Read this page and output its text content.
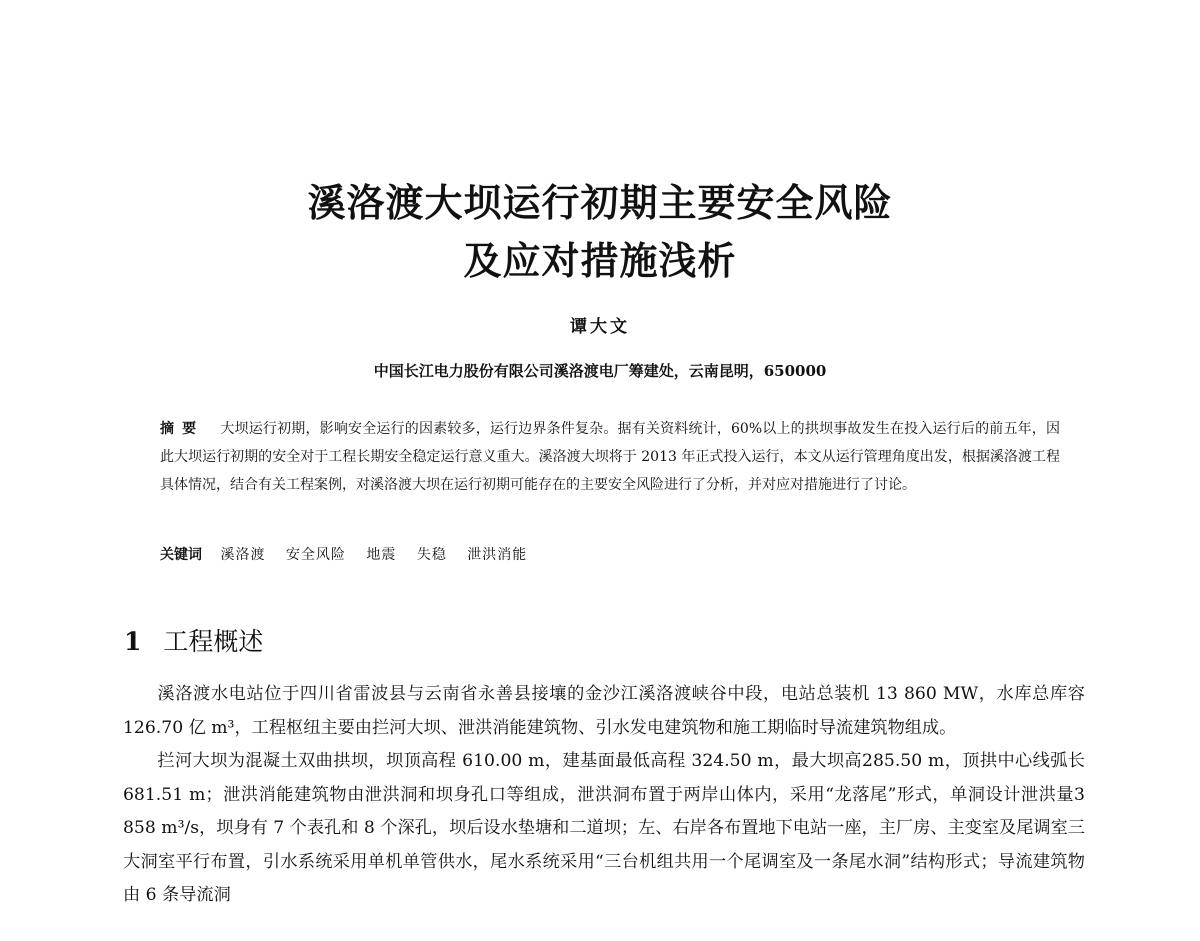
溪洛渡大坝运行初期主要安全风险
及应对措施浅析
谭大文
中国长江电力股份有限公司溪洛渡电厂筹建处，云南昆明，650000
摘要 大坝运行初期，影响安全运行的因素较多，运行边界条件复杂。据有关资料统计，60%以上的拱坝事故发生在投入运行后的前五年，因此大坝运行初期的安全对于工程长期安全稳定运行意义重大。溪洛渡大坝将于 2013 年正式投入运行，本文从运行管理角度出发，根据溪洛渡工程具体情况，结合有关工程案例，对溪洛渡大坝在运行初期可能存在的主要安全风险进行了分析，并对应对措施进行了讨论。
关键词 溪洛渡 安全风险 地震 失稳 泄洪消能
1 工程概述

溪洛渡水电站位于四川省雷波县与云南省永善县接壤的金沙江溪洛渡峡谷中段，电站总装机 13 860 MW，水库总库容 126.70 亿 m³，工程枢纽主要由拦河大坝、泄洪消能建筑物、引水发电建筑物和施工期临时导流建筑物组成。

拦河大坝为混凝土双曲拱坝，坝顶高程 610.00 m，建基面最低高程 324.50 m，最大坝高285.50 m，顶拱中心线弧长 681.51 m；泄洪消能建筑物由泄洪洞和坝身孔口等组成，泄洪洞布置于两岸山体内，采用“龙落尾”形式，单洞设计泄洪量3 858 m³/s，坝身有 7 个表孔和 8 个深孔，坝后设水垫塘和二道坝；左、右岸各布置地下电站一座，主厂房、主变室及尾调室三大洞室平行布置，引水系统采用单机单管供水，尾水系统采用“三台机组共用一个尾调室及一条尾水洞”结构形式；导流建筑物由 6 条导流洞
